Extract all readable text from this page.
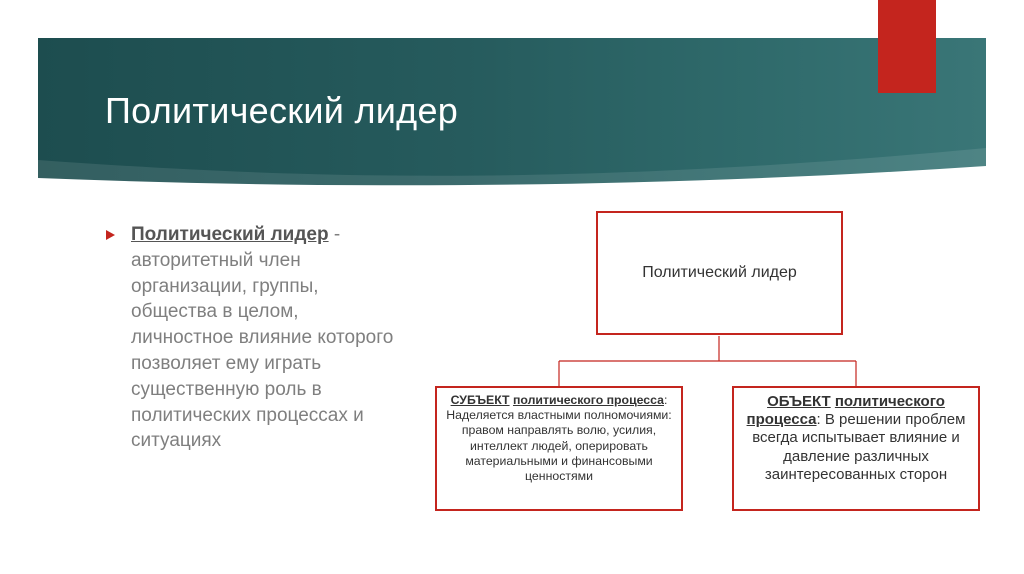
Политический лидер
Политический лидер - авторитетный член организации, группы, общества в целом, личностное влияние которого позволяет ему играть существенную роль в политических процессах и ситуациях
Политический лидер
СУБЪЕКТ политического процесса: Наделяется властными полномочиями: правом направлять волю, усилия, интеллект людей, оперировать материальными и финансовыми ценностями
ОБЪЕКТ политического процесса: В решении проблем всегда испытывает влияние и давление различных заинтересованных сторон
